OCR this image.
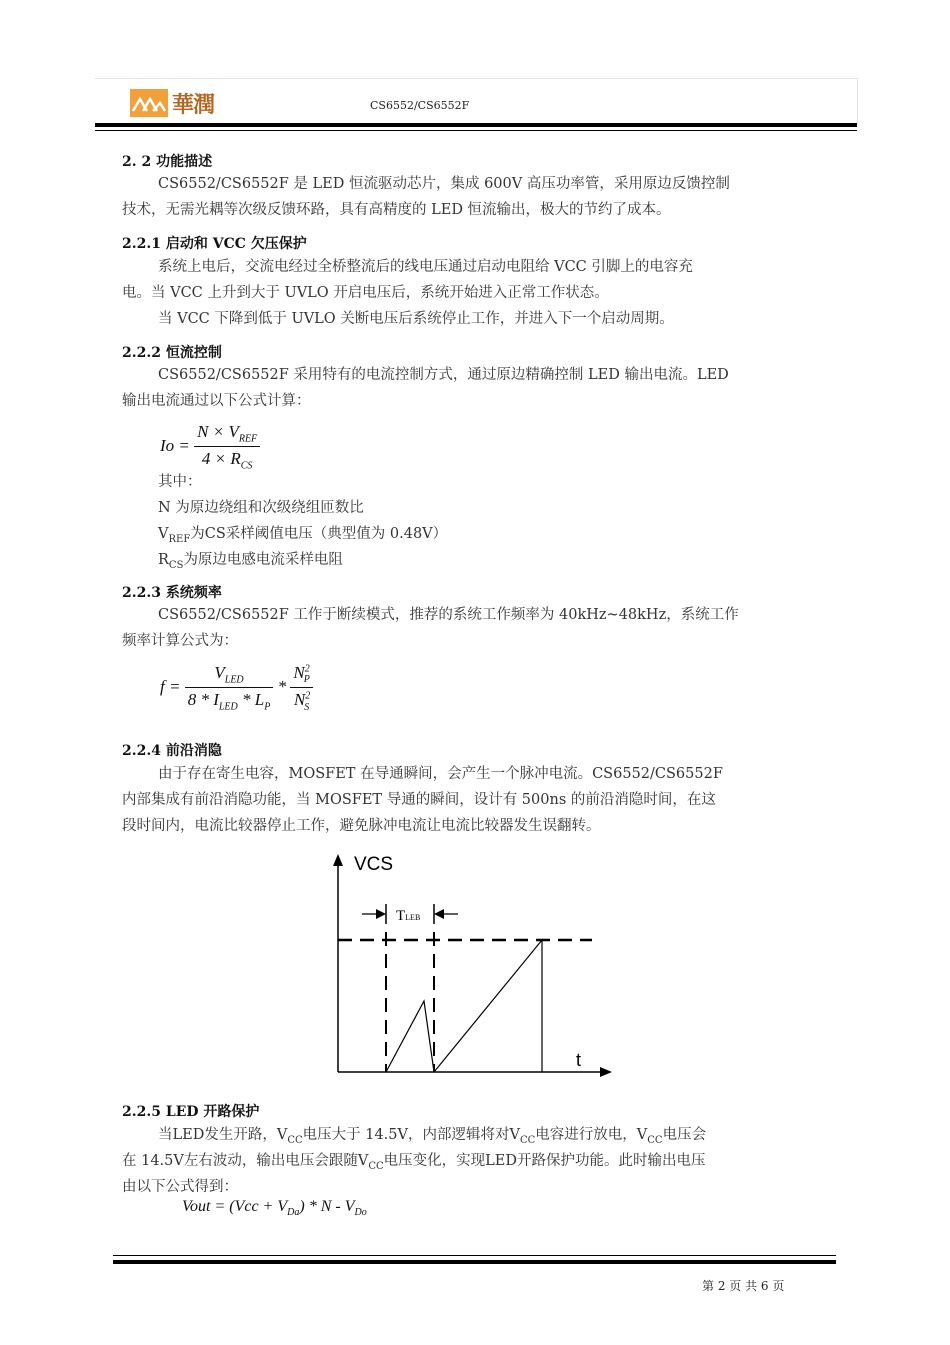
華潤	CS6552/CS6552F
2. 2 功能描述
CS6552/CS6552F 是 LED 恒流驱动芯片，集成 600V 高压功率管，采用原边反馈控制
技术，无需光耦等次级反馈环路，具有高精度的 LED 恒流输出，极大的节约了成本。
2.2.1 启动和 VCC 欠压保护
系统上电后，交流电经过全桥整流后的线电压通过启动电阻给 VCC 引脚上的电容充
电。当 VCC 上升到大于 UVLO 开启电压后，系统开始进入正常工作状态。
当 VCC 下降到低于 UVLO 关断电压后系统停止工作，并进入下一个启动周期。
2.2.2 恒流控制
CS6552/CS6552F 采用特有的电流控制方式，通过原边精确控制 LED 输出电流。LED
输出电流通过以下公式计算：
$Io = \frac{N \times V_{REF}}{4 \times R_{CS}}$
其中：
N 为原边绕组和次级绕组匝数比
$V_{REF}$为CS采样阈值电压（典型值为 0.48V）
$R_{CS}$为原边电感电流采样电阻
2.2.3 系统频率
CS6552/CS6552F 工作于断续模式，推荐的系统工作频率为 40kHz~48kHz，系统工作
频率计算公式为：
$f = \frac{V_{LED}}{8 * I_{LED} * L_P} * \frac{N^2_P}{N^2_S}$
2.2.4 前沿消隐
由于存在寄生电容，MOSFET 在导通瞬间，会产生一个脉冲电流。CS6552/CS6552F
内部集成有前沿消隐功能，当 MOSFET 导通的瞬间，设计有 500ns 的前沿消隐时间，在这
段时间内，电流比较器停止工作，避免脉冲电流让电流比较器发生误翻转。
VCS
t
TLEB
2.2.5 LED 开路保护
当LED发生开路，$V_{CC}$电压大于 14.5V，内部逻辑将对$V_{CC}$电容进行放电，$V_{CC}$电压会
在 14.5V左右波动，输出电压会跟随$V_{CC}$电压变化，实现LED开路保护功能。此时输出电压
由以下公式得到：
Vout = $(Vcc + V_{Da}) * N - V_{Do}$
第 2 页 共 6 页
